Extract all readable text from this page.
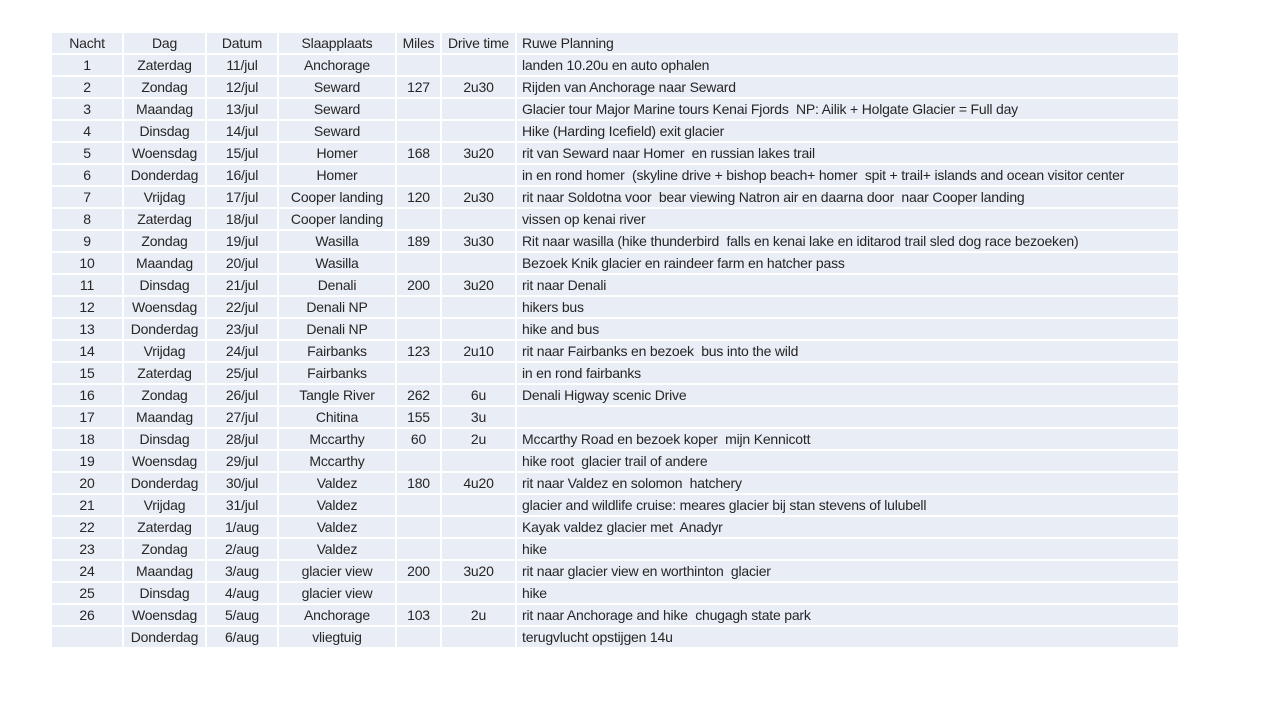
Nacht	Dag	Datum	Slaapplaats	Miles	Drive time	Ruwe Planning
1	Zaterdag	11/jul	Anchorage			landen 10.20u en auto ophalen
2	Zondag	12/jul	Seward	127	2u30	Rijden van Anchorage naar Seward
3	Maandag	13/jul	Seward			Glacier tour Major Marine tours Kenai Fjords  NP: Ailik + Holgate Glacier = Full day
4	Dinsdag	14/jul	Seward			Hike (Harding Icefield) exit glacier
5	Woensdag	15/jul	Homer	168	3u20	rit van Seward naar Homer  en russian lakes trail
6	Donderdag	16/jul	Homer			in en rond homer  (skyline drive + bishop beach+ homer  spit + trail+ islands and ocean visitor center
7	Vrijdag	17/jul	Cooper landing	120	2u30	rit naar Soldotna voor  bear viewing Natron air en daarna door  naar Cooper landing
8	Zaterdag	18/jul	Cooper landing			vissen op kenai river
9	Zondag	19/jul	Wasilla	189	3u30	Rit naar wasilla (hike thunderbird  falls en kenai lake en iditarod trail sled dog race bezoeken)
10	Maandag	20/jul	Wasilla			Bezoek Knik glacier en raindeer farm en hatcher pass
11	Dinsdag	21/jul	Denali	200	3u20	rit naar Denali
12	Woensdag	22/jul	Denali NP			hikers bus
13	Donderdag	23/jul	Denali NP			hike and bus
14	Vrijdag	24/jul	Fairbanks	123	2u10	rit naar Fairbanks en bezoek  bus into the wild
15	Zaterdag	25/jul	Fairbanks			in en rond fairbanks
16	Zondag	26/jul	Tangle River	262	6u	Denali Higway scenic Drive
17	Maandag	27/jul	Chitina	155	3u	
18	Dinsdag	28/jul	Mccarthy	60	2u	Mccarthy Road en bezoek koper  mijn Kennicott
19	Woensdag	29/jul	Mccarthy			hike root  glacier trail of andere
20	Donderdag	30/jul	Valdez	180	4u20	rit naar Valdez en solomon  hatchery
21	Vrijdag	31/jul	Valdez			glacier and wildlife cruise: meares glacier bij stan stevens of lulubell
22	Zaterdag	1/aug	Valdez			Kayak valdez glacier met  Anadyr
23	Zondag	2/aug	Valdez			hike
24	Maandag	3/aug	glacier view	200	3u20	rit naar glacier view en worthinton  glacier
25	Dinsdag	4/aug	glacier view			hike
26	Woensdag	5/aug	Anchorage	103	2u	rit naar Anchorage and hike  chugagh state park
	Donderdag	6/aug	vliegtuig			terugvlucht opstijgen 14u
